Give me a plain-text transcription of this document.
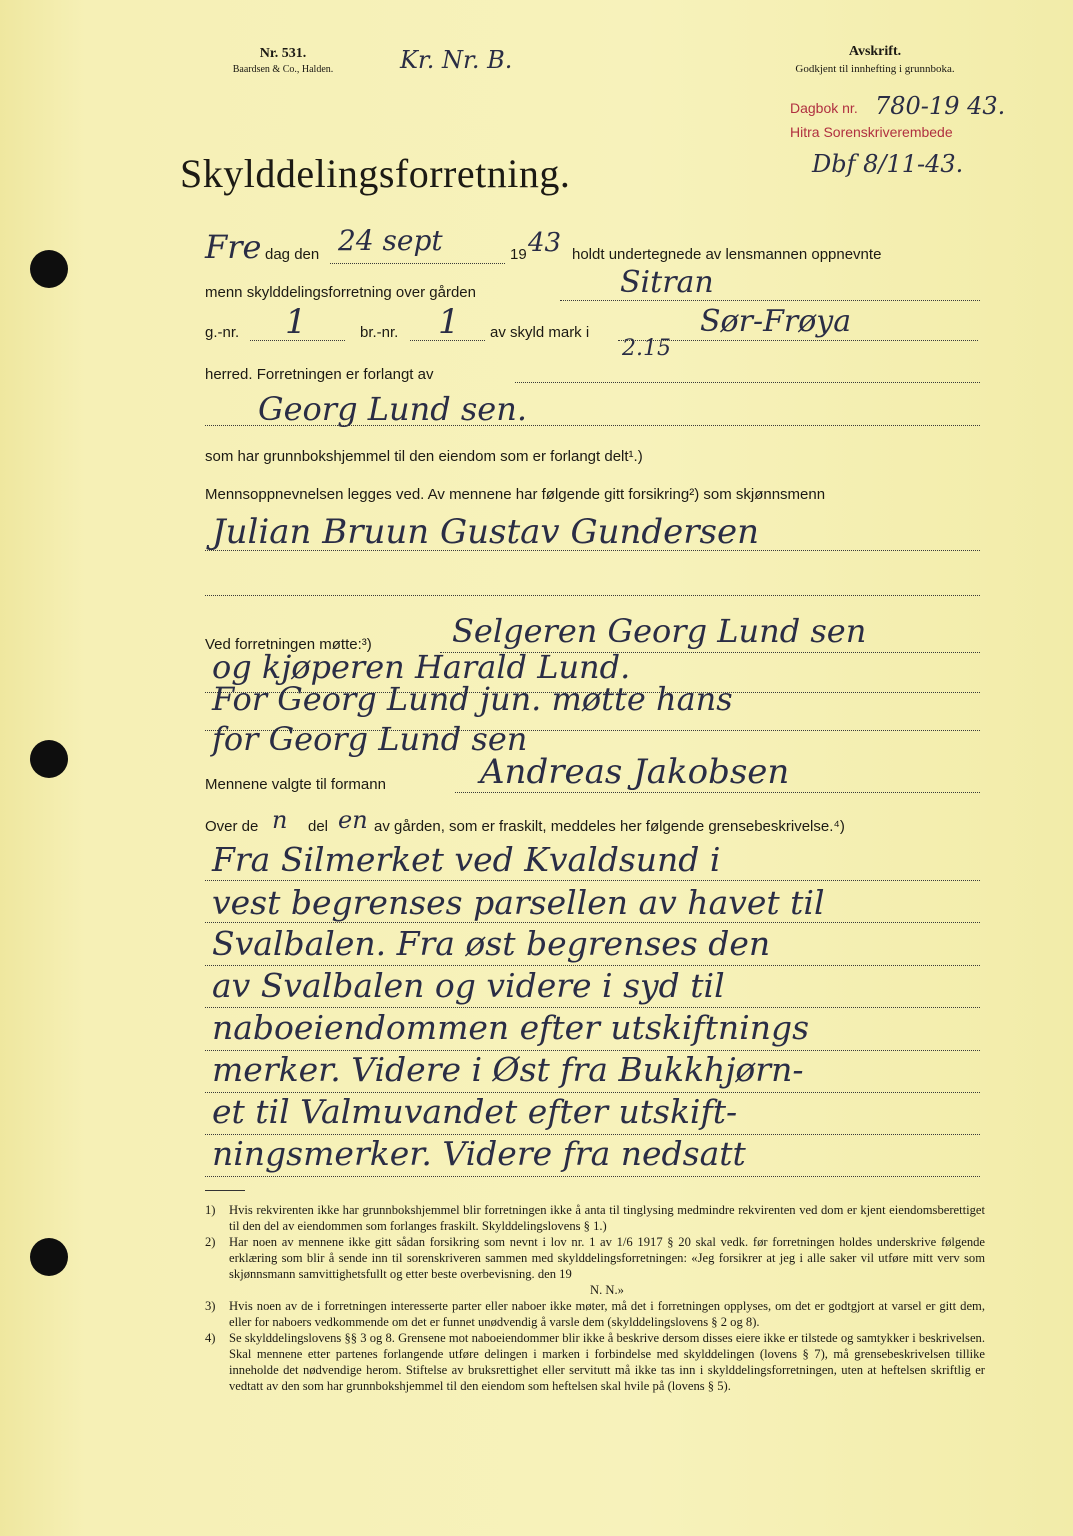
Nr. 531.
Baardsen & Co., Halden.	Kr. Nr. B.	Avskrift.
Godkjent til innhefting i grunnboka.
Dagbok nr. 780-19 43.
Hitra Sorenskriverembede
Dbf 8/11-43.
Skylddelingsforretning.
Fre dag den 24 sept	19 43 holdt undertegnede av lensmannen oppnevnte
menn skylddelingsforretning over gården	Sitran
g.-nr. 1	br.-nr. 1 av skyld mark i	Sør-Frøya
2.15
herred. Forretningen er forlangt av
Georg Lund sen.
som har grunnbokshjemmel til den eiendom som er forlangt delt¹.)
Mennsoppnevnelsen legges ved. Av mennene har følgende gitt forsikring²) som skjønnsmenn
Julian Bruun Gustav Gundersen
Ved forretningen møtte:³)	Selgeren Georg Lund sen
og kjøperen Harald Lund.
For Georg Lund jun. møtte hans
for Georg Lund sen
Mennene valgte til formann	Andreas Jakobsen
Over de n del en av gården, som er fraskilt, meddeles her følgende grensebeskrivelse.⁴)
Fra Silmerket ved Kvaldsund i
vest begrenses parsellen av havet til
Svalbalen. Fra øst begrenses den
av Svalbalen og videre i syd til
naboeiendommen efter utskiftnings
merker. Videre i Øst fra Bukkhjørn-
et til Valmuvandet efter utskift-
ningsmerker. Videre fra nedsatt
1)	Hvis rekvirenten ikke har grunnbokshjemmel blir forretningen ikke å anta til tinglysing medmindre rekvirenten ved dom er kjent eiendomsberettiget til den del av eiendommen som forlanges fraskilt. Skylddelingslovens § 1.)
2)	Har noen av mennene ikke gitt sådan forsikring som nevnt i lov nr. 1 av 1/6 1917 § 20 skal vedk. før forretningen holdes underskrive følgende erklæring som blir å sende inn til sorenskriveren sammen med skylddelingsforretningen: «Jeg forsikrer at jeg i alle saker vil utføre mitt verv som skjønnsmann samvittighetsfullt og etter beste overbevisning. den 19
N. N.»
3)	Hvis noen av de i forretningen interesserte parter eller naboer ikke møter, må det i forretningen opplyses, om det er godtgjort at varsel er gitt dem, eller for naboers vedkommende om det er funnet unødvendig å varsle dem (skylddelingslovens § 2 og 8).
4)	Se skylddelingslovens §§ 3 og 8. Grensene mot naboeiendommer blir ikke å beskrive dersom disses eiere ikke er tilstede og samtykker i beskrivelsen. Skal mennene etter partenes forlangende utføre delingen i marken i forbindelse med skylddelingen (lovens § 7), må grensebeskrivelsen tillike inneholde det nødvendige herom. Stiftelse av bruksrettighet eller servitutt må ikke tas inn i skylddelingsforretningen, uten at heftelsen skriftlig er vedtatt av den som har grunnbokshjemmel til den eiendom som heftelsen skal hvile på (lovens § 5).
